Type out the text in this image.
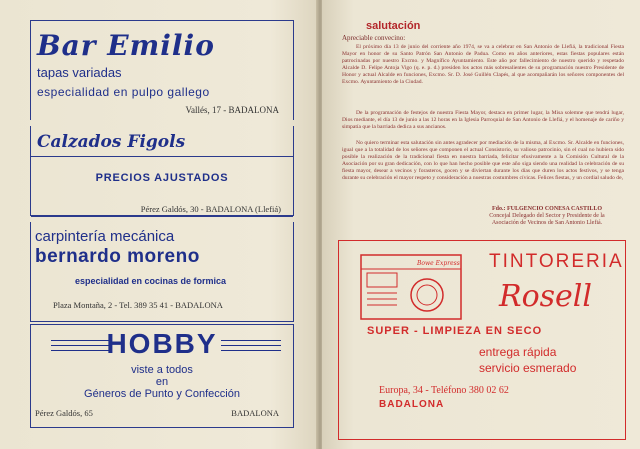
Bar Emilio
tapas variadas
especialidad en pulpo gallego
Vallés, 17 - BADALONA
Calzados Figols
PRECIOS AJUSTADOS
Pérez Galdós, 30 - BADALONA (Llefiá)
carpintería mecánica
bernardo moreno
especialidad en cocinas de formica
Plaza Montaña, 2 - Tel. 389 35 41 - BADALONA
HOBBY
viste a todos
en
Géneros de Punto y Confección
Pérez Galdós, 65	BADALONA
salutación
Apreciable convecino:
El próximo día 13 de junio del corriente año 1974, se va a celebrar en San Antonio de Llefiá, la tradicional Fiesta Mayor en honor de su Santo Patrón San Antonio de Padua. Como en años anteriores, estas fiestas populares están patrocinadas por nuestro Excmo. y Magnífico Ayuntamiento. Este año por fallecimiento de nuestro querido y respetado Alcalde D. Felipe Antoja Vigo (q. e. p. d.) presiden los actos más sobresalientes de su programación nuestro Presidente de Honor y actual Alcalde en funciones, Excmo. Sr. D. José Guillén Clapés, al que acompañarán los señores componentes del Excmo. Ayuntamiento de la Ciudad.
De la programación de festejos de nuestra Fiesta Mayor, destaca en primer lugar, la Misa solemne que tendrá lugar, Dios mediante, el día 13 de junio a las 12 horas en la Iglesia Parroquial de San Antonio de Llefiá, y el homenaje de cariño y simpatía que la barriada dedica a sus ancianos.
No quiero terminar esta salutación sin antes agradecer por mediación de la misma, al Excmo. Sr. Alcalde en funciones, igual que a la totalidad de los señores que componen el actual Consistorio, su valioso patrocinio, sin el cual no hubiera sido posible la realización de la tradicional fiesta en nuestra barriada, felicitar efusivamente a la Comisión Cultural de la Asociación por su gran dedicación, con lo que han hecho posible que este año siga siendo una realidad la celebración de su fiesta mayor, desear a vecinos y forasteros, gocen y se diviertan durante los días que duren los actos festivos, y se tenga durante su celebración el mayor respeto y consideración a nuestras costumbres cívicas. Felices fiestas, y un cordial saludo de,
Fdo.: FULGENCIO CONESA CASTILLO
Concejal Delegado del Sector y Presidente de la
Asociación de Vecinos de San Antonio Llefiá.
Bowe Express TINTORERIA
Rosell
SUPER - LIMPIEZA EN SECO
entrega rápida
servicio esmerado
Europa, 34 - Teléfono 380 02 62
BADALONA
